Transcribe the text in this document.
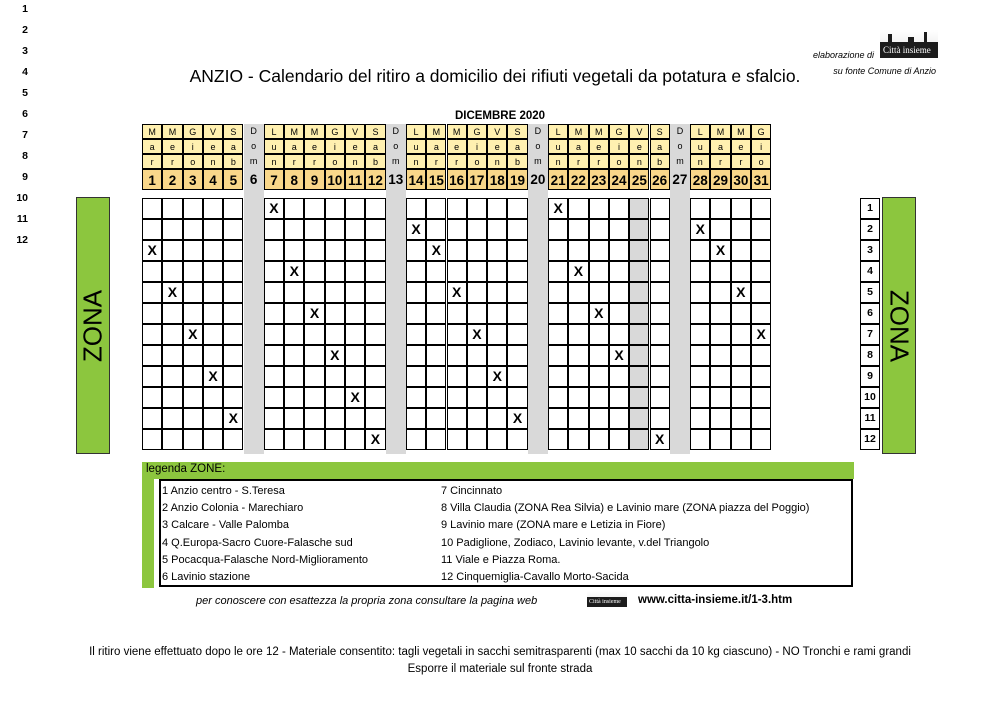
elaborazione di Città insieme
su fonte Comune di Anzio
ANZIO - Calendario del ritiro a domicilio dei rifiuti vegetali da potatura e sfalcio.
DICEMBRE 2020
M
a
r
1
X
M
e
r
2
X
G
i
o
3
X
V
e
n
4
X
S
a
b
5
X
D
o
m
6
L
u
n
7
X
M
a
r
8
X
M
e
r
9
X
G
i
o
10
X
V
e
n
11
X
S
a
b
12
X
D
o
m
13
L
u
n
14
X
M
a
r
15
X
M
e
r
16
X
G
i
o
17
X
V
e
n
18
X
S
a
b
19
X
D
o
m
20
L
u
n
21
X
M
a
r
22
X
M
e
r
23
X
G
i
o
24
X
V
e
n
25
S
a
b
26
X
D
o
m
27
L
u
n
28
X
M
a
r
29
X
M
e
r
30
X
G
i
o
31
X
1
1
2
2
3
3
4
4
5
5
6
6
7
7
8
8
9
9
10
10
11
11
12
12
ZONA	ZONA
legenda ZONE:
1 Anzio centro - S.Teresa
2 Anzio Colonia - Marechiaro
3 Calcare - Valle Palomba
4 Q.Europa-Sacro Cuore-Falasche sud
5 Pocacqua-Falasche Nord-Miglioramento
6 Lavinio stazione
7 Cincinnato
8 Villa Claudia (ZONA Rea Silvia) e Lavinio mare (ZONA piazza del Poggio)
9 Lavinio mare (ZONA mare e Letizia in Fiore)
10 Padiglione, Zodiaco, Lavinio levante, v.del Triangolo
11 Viale e Piazza Roma.
12 Cinquemiglia-Cavallo Morto-Sacida
per conoscere con esattezza la propria zona consultare la pagina web	Città insieme www.citta-insieme.it/1-3.htm
Il ritiro viene effettuato dopo le ore 12 - Materiale consentito: tagli vegetali in sacchi semitrasparenti (max 10 sacchi da 10 kg ciascuno) - NO Tronchi e rami grandi
Esporre il materiale sul fronte strada
